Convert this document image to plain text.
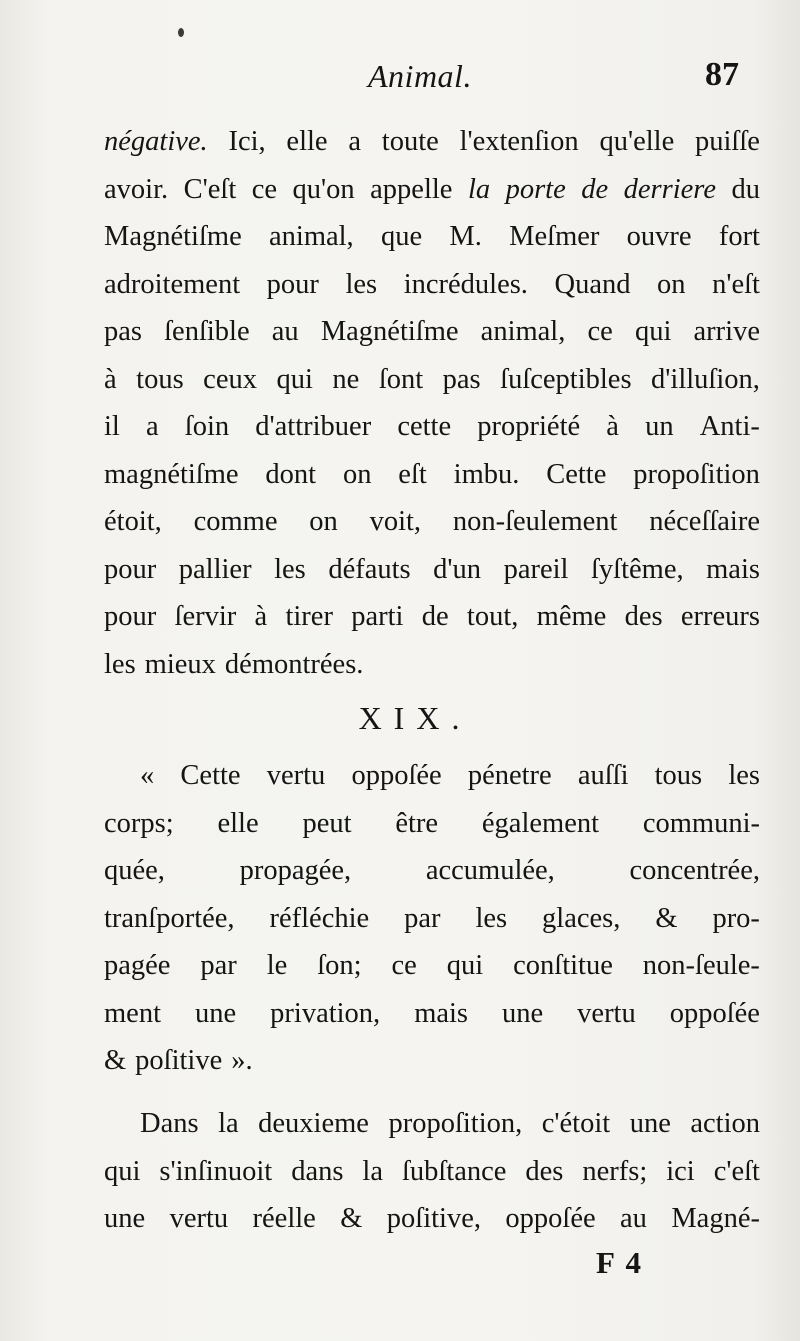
Animal.	87
négative. Ici, elle a toute l'extenſion qu'elle puiſſe
avoir. C'eſt ce qu'on appelle la porte de derriere du
Magnétiſme animal, que M. Meſmer ouvre fort
adroitement pour les incrédules. Quand on n'eſt
pas ſenſible au Magnétiſme animal, ce qui arrive
à tous ceux qui ne ſont pas ſuſceptibles d'illuſion,
il a ſoin d'attribuer cette propriété à un Anti-
magnétiſme dont on eſt imbu. Cette propoſition
étoit, comme on voit, non-ſeulement néceſſaire
pour pallier les défauts d'un pareil ſyſtême, mais
pour ſervir à tirer parti de tout, même des erreurs
les mieux démontrées.
XIX.
« Cette vertu oppoſée pénetre auſſi tous les
corps; elle peut être également communi-
quée,	propagée,	accumulée,	concentrée,
tranſportée, réfléchie par les glaces, & pro-
pagée par le ſon; ce qui conſtitue non-ſeule-
ment une privation, mais une vertu oppoſée
& poſitive ».
Dans la deuxieme propoſition, c'étoit une action
qui s'inſinuoit dans la ſubſtance des nerfs; ici c'eſt
une vertu réelle & poſitive, oppoſée au Magné-
F 4
